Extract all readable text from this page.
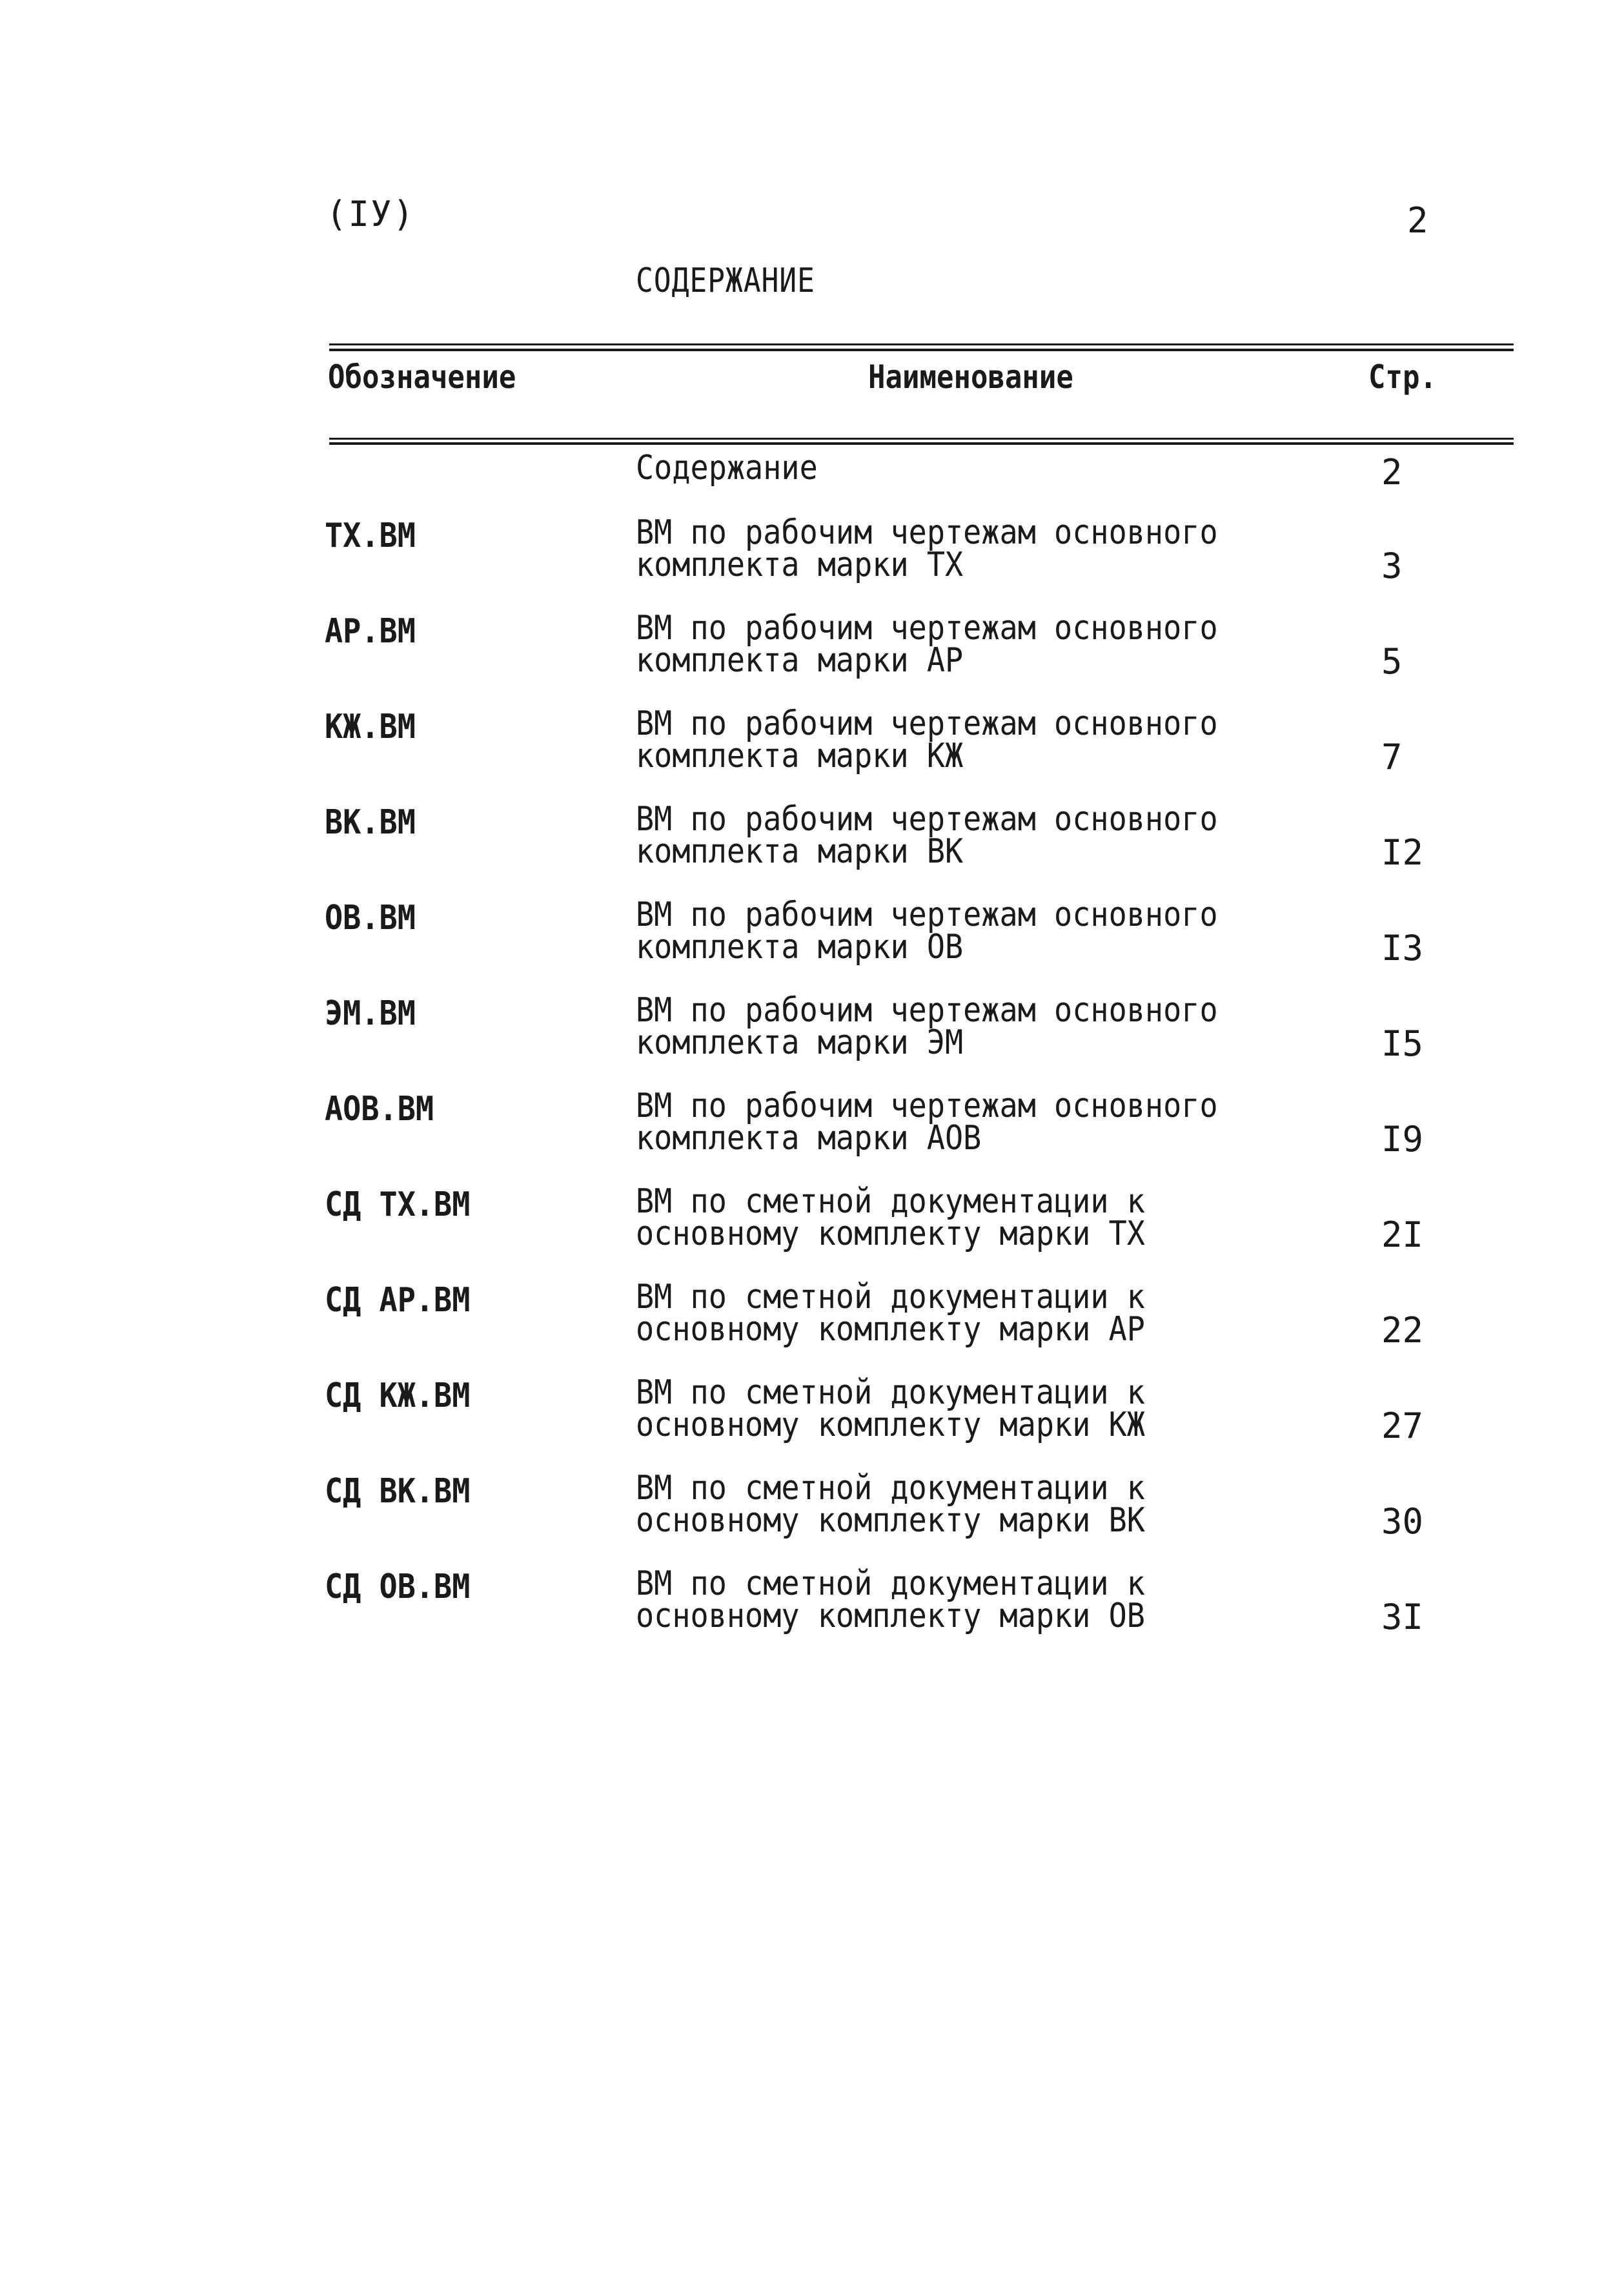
(IУ)	2
СОДЕРЖАНИЕ
Обозначение	Наименование	Стр.
Содержание	2
ТХ.ВМ	ВМ по рабочим чертежам основного
комплекта марки ТХ	3
АР.ВМ	ВМ по рабочим чертежам основного
комплекта марки АР	5
КЖ.ВМ	ВМ по рабочим чертежам основного
комплекта марки КЖ	7
ВК.ВМ	ВМ по рабочим чертежам основного
комплекта марки ВК	I2
ОВ.ВМ	ВМ по рабочим чертежам основного
комплекта марки ОВ	I3
ЭМ.ВМ	ВМ по рабочим чертежам основного
комплекта марки ЭМ	I5
АОВ.ВМ	ВМ по рабочим чертежам основного
комплекта марки АОВ	I9
СД ТХ.ВМ	ВМ по сметной документации к
основному комплекту марки ТХ	2I
СД АР.ВМ	ВМ по сметной документации к
основному комплекту марки АР	22
СД КЖ.ВМ	ВМ по сметной документации к
основному комплекту марки КЖ	27
СД ВК.ВМ	ВМ по сметной документации к
основному комплекту марки ВК	30
СД ОВ.ВМ	ВМ по сметной документации к
основному комплекту марки ОВ	3I
